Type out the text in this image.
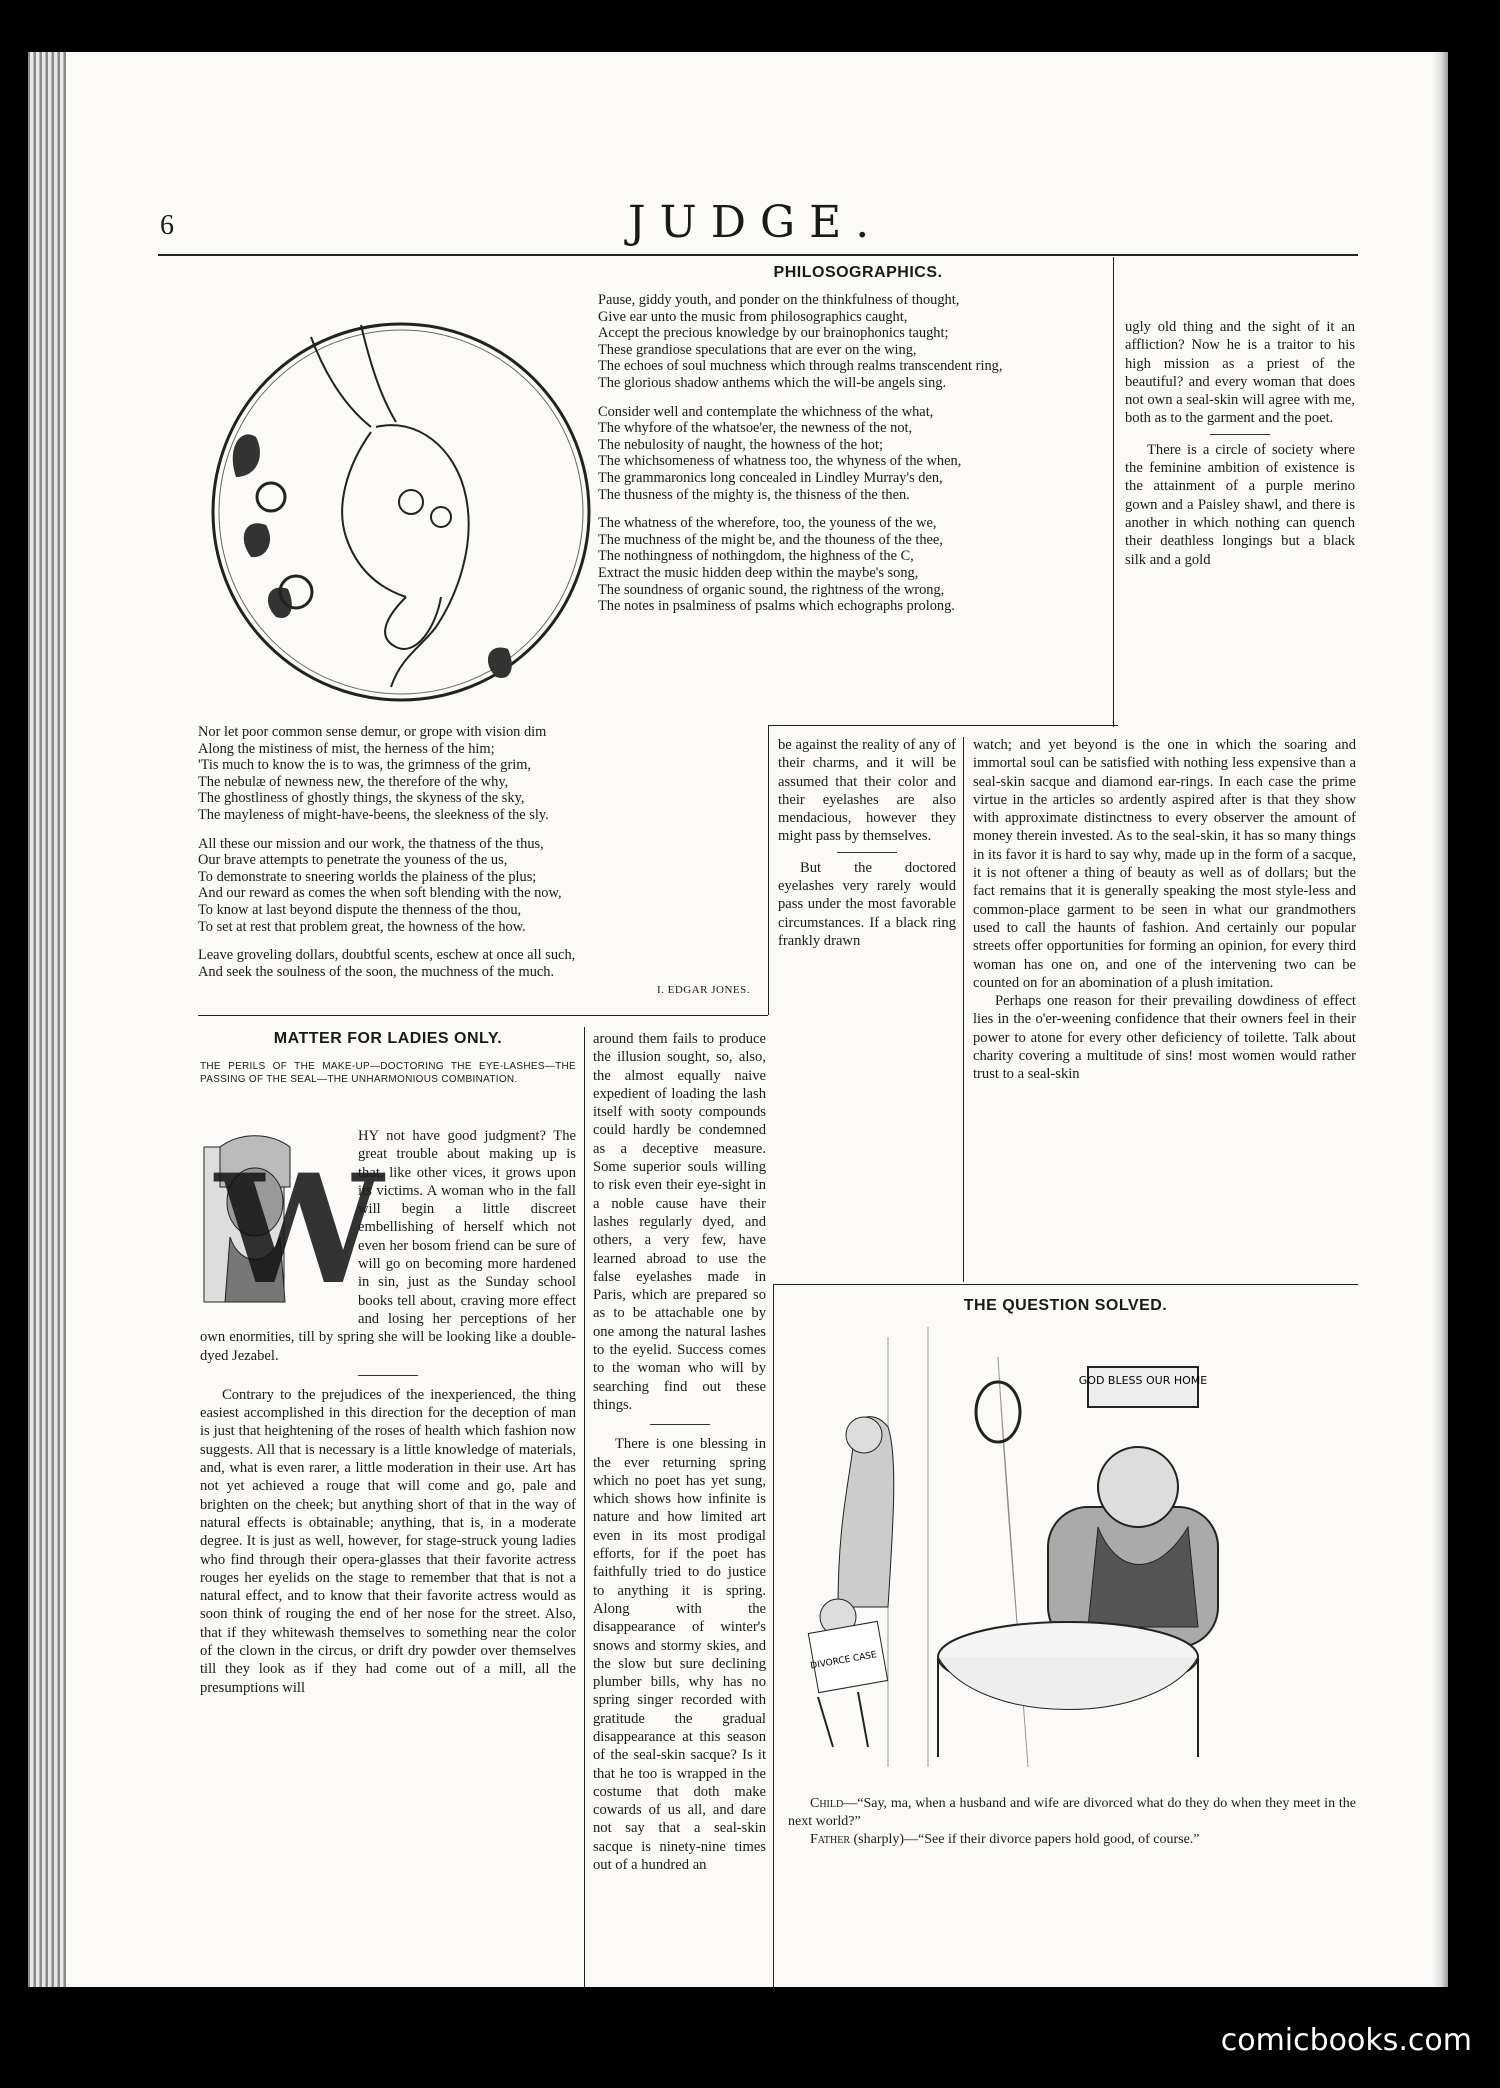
6	JUDGE.
PHILOSOGRAPHICS.
Pause, giddy youth, and ponder on the thinkfulness of thought,
Give ear unto the music from philosographics caught,
Accept the precious knowledge by our brainophonics taught;
These grandiose speculations that are ever on the wing,
The echoes of soul muchness which through realms transcendent ring,
The glorious shadow anthems which the will-be angels sing.
Consider well and contemplate the whichness of the what,
The whyfore of the whatsoe'er, the newness of the not,
The nebulosity of naught, the howness of the hot;
The whichsomeness of whatness too, the whyness of the when,
The grammaronics long concealed in Lindley Murray's den,
The thusness of the mighty is, the thisness of the then.
The whatness of the wherefore, too, the youness of the we,
The muchness of the might be, and the thouness of the thee,
The nothingness of nothingdom, the highness of the C,
Extract the music hidden deep within the maybe's song,
The soundness of organic sound, the rightness of the wrong,
The notes in psalminess of psalms which echographs prolong.
Nor let poor common sense demur, or grope with vision dim
Along the mistiness of mist, the herness of the him;
'Tis much to know the is to was, the grimness of the grim,
The nebulæ of newness new, the therefore of the why,
The ghostliness of ghostly things, the skyness of the sky,
The mayleness of might-have-beens, the sleekness of the sly.
All these our mission and our work, the thatness of the thus,
Our brave attempts to penetrate the youness of the us,
To demonstrate to sneering worlds the plainess of the plus;
And our reward as comes the when soft blending with the now,
To know at last beyond dispute the thenness of the thou,
To set at rest that problem great, the howness of the how.
Leave groveling dollars, doubtful scents, eschew at once all such,
And seek the soulness of the soon, the muchness of the much.
I. EDGAR JONES.

ugly old thing and the sight of it an affliction? Now he is a traitor to his high mission as a priest of the beautiful? and every woman that does not own a seal-skin will agree with me, both as to the garment and the poet.

There is a circle of society where the feminine ambition of existence is the attainment of a purple merino gown and a Paisley shawl, and there is another in which nothing can quench their deathless longings but a black silk and a gold

be against the reality of any of their charms, and it will be assumed that their color and their eyelashes are also mendacious, however they might pass by themselves.

But the doctored eyelashes very rarely would pass under the most favorable circumstances. If a black ring frankly drawn

watch; and yet beyond is the one in which the soaring and immortal soul can be satisfied with nothing less expensive than a seal-skin sacque and diamond ear-rings. In each case the prime virtue in the articles so ardently aspired after is that they show with approximate distinctness to every observer the amount of money therein invested. As to the seal-skin, it has so many things in its favor it is hard to say why, made up in the form of a sacque, it is not oftener a thing of beauty as well as of dollars; but the fact remains that it is generally speaking the most style-less and common-place garment to be seen in what our grandmothers used to call the haunts of fashion. And certainly our popular streets offer opportunities for forming an opinion, for every third woman has one on, and one of the intervening two can be counted on for an abomination of a plush imitation.

Perhaps one reason for their prevailing dowdiness of effect lies in the o'er-weening confidence that their owners feel in their power to atone for every other deficiency of toilette. Talk about charity covering a multitude of sins! most women would rather trust to a seal-skin

MATTER FOR LADIES ONLY.
THE PERILS OF THE MAKE-UP—DOCTORING THE EYE-LASHES—THE PASSING OF THE SEAL—THE UNHARMONIOUS COMBINATION.
W

HY not have good judgment? The great trouble about making up is that, like other vices, it grows upon its victims. A woman who in the fall will begin a little discreet embellishing of herself which not even her bosom friend can be sure of will go on becoming more hardened in sin, just as the Sunday school books tell about, craving more effect and losing her perceptions of her own enormities, till by spring she will be looking like a double-dyed Jezabel.

Contrary to the prejudices of the inexperienced, the thing easiest accomplished in this direction for the deception of man is just that heightening of the roses of health which fashion now suggests. All that is necessary is a little knowledge of materials, and, what is even rarer, a little moderation in their use. Art has not yet achieved a rouge that will come and go, pale and brighten on the cheek; but anything short of that in the way of natural effects is obtainable; anything, that is, in a moderate degree. It is just as well, however, for stage-struck young ladies who find through their opera-glasses that their favorite actress rouges her eyelids on the stage to remember that that is not a natural effect, and to know that their favorite actress would as soon think of rouging the end of her nose for the street. Also, that if they whitewash themselves to something near the color of the clown in the circus, or drift dry powder over themselves till they look as if they had come out of a mill, all the presumptions will

around them fails to produce the illusion sought, so, also, the almost equally naive expedient of loading the lash itself with sooty compounds could hardly be condemned as a deceptive measure. Some superior souls willing to risk even their eye-sight in a noble cause have their lashes regularly dyed, and others, a very few, have learned abroad to use the false eyelashes made in Paris, which are prepared so as to be attachable one by one among the natural lashes to the eyelid. Success comes to the woman who will by searching find out these things.

There is one blessing in the ever returning spring which no poet has yet sung, which shows how infinite is nature and how limited art even in its most prodigal efforts, for if the poet has faithfully tried to do justice to anything it is spring. Along with the disappearance of winter's snows and stormy skies, and the slow but sure declining plumber bills, why has no spring singer recorded with gratitude the gradual disappearance at this season of the seal-skin sacque? Is it that he too is wrapped in the costume that doth make cowards of us all, and dare not say that a seal-skin sacque is ninety-nine times out of a hundred an

THE QUESTION SOLVED.
GOD BLESS OUR HOME
DIVORCE CASE

Child—“Say, ma, when a husband and wife are divorced what do they do when they meet in the next world?”

Father (sharply)—“See if their divorce papers hold good, of course.”

comicbooks.com
